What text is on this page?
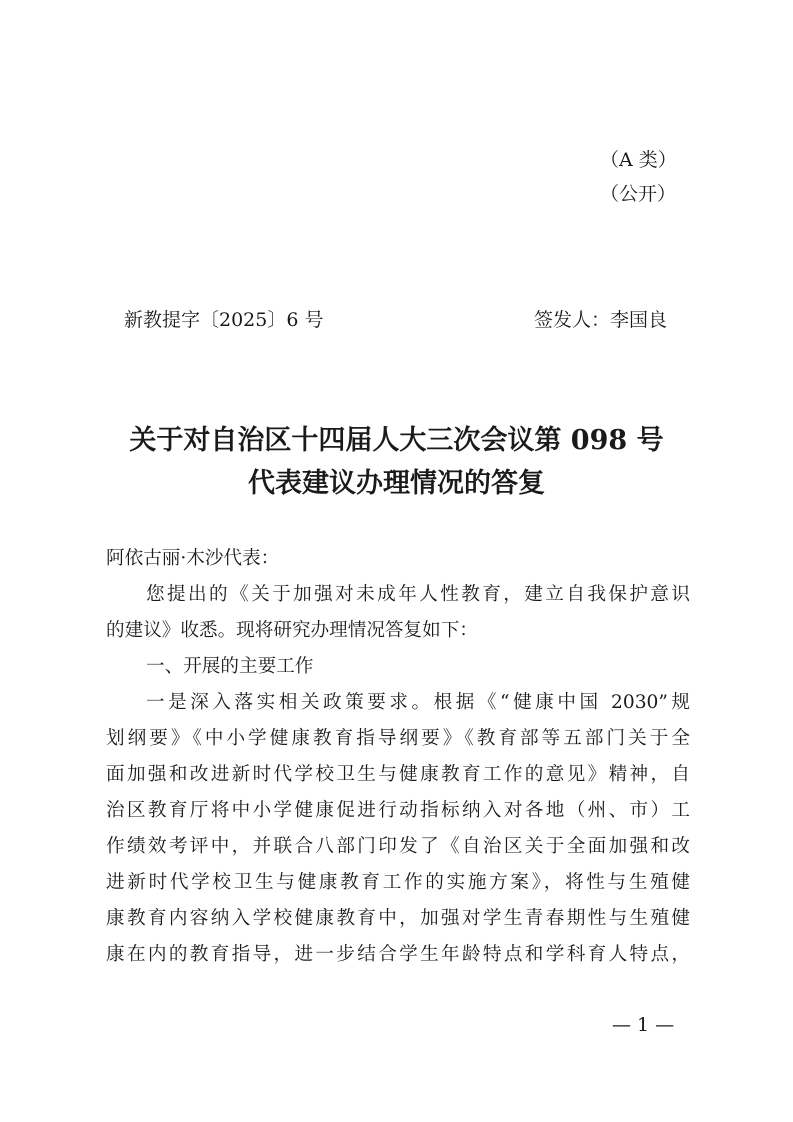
（A 类）
（公开）
新教提字〔2025〕6 号	签发人：李国良
关于对自治区十四届人大三次会议第 098 号
代表建议办理情况的答复
阿依古丽·木沙代表：
您提出的《关于加强对未成年人性教育，建立自我保护意识
的建议》收悉。现将研究办理情况答复如下：
一、开展的主要工作
一是深入落实相关政策要求。根据《“健康中国 2030”规
划纲要》《中小学健康教育指导纲要》《教育部等五部门关于全
面加强和改进新时代学校卫生与健康教育工作的意见》精神，自
治区教育厅将中小学健康促进行动指标纳入对各地（州、市）工
作绩效考评中，并联合八部门印发了《自治区关于全面加强和改
进新时代学校卫生与健康教育工作的实施方案》，将性与生殖健
康教育内容纳入学校健康教育中，加强对学生青春期性与生殖健
康在内的教育指导，进一步结合学生年龄特点和学科育人特点，
— 1 —
